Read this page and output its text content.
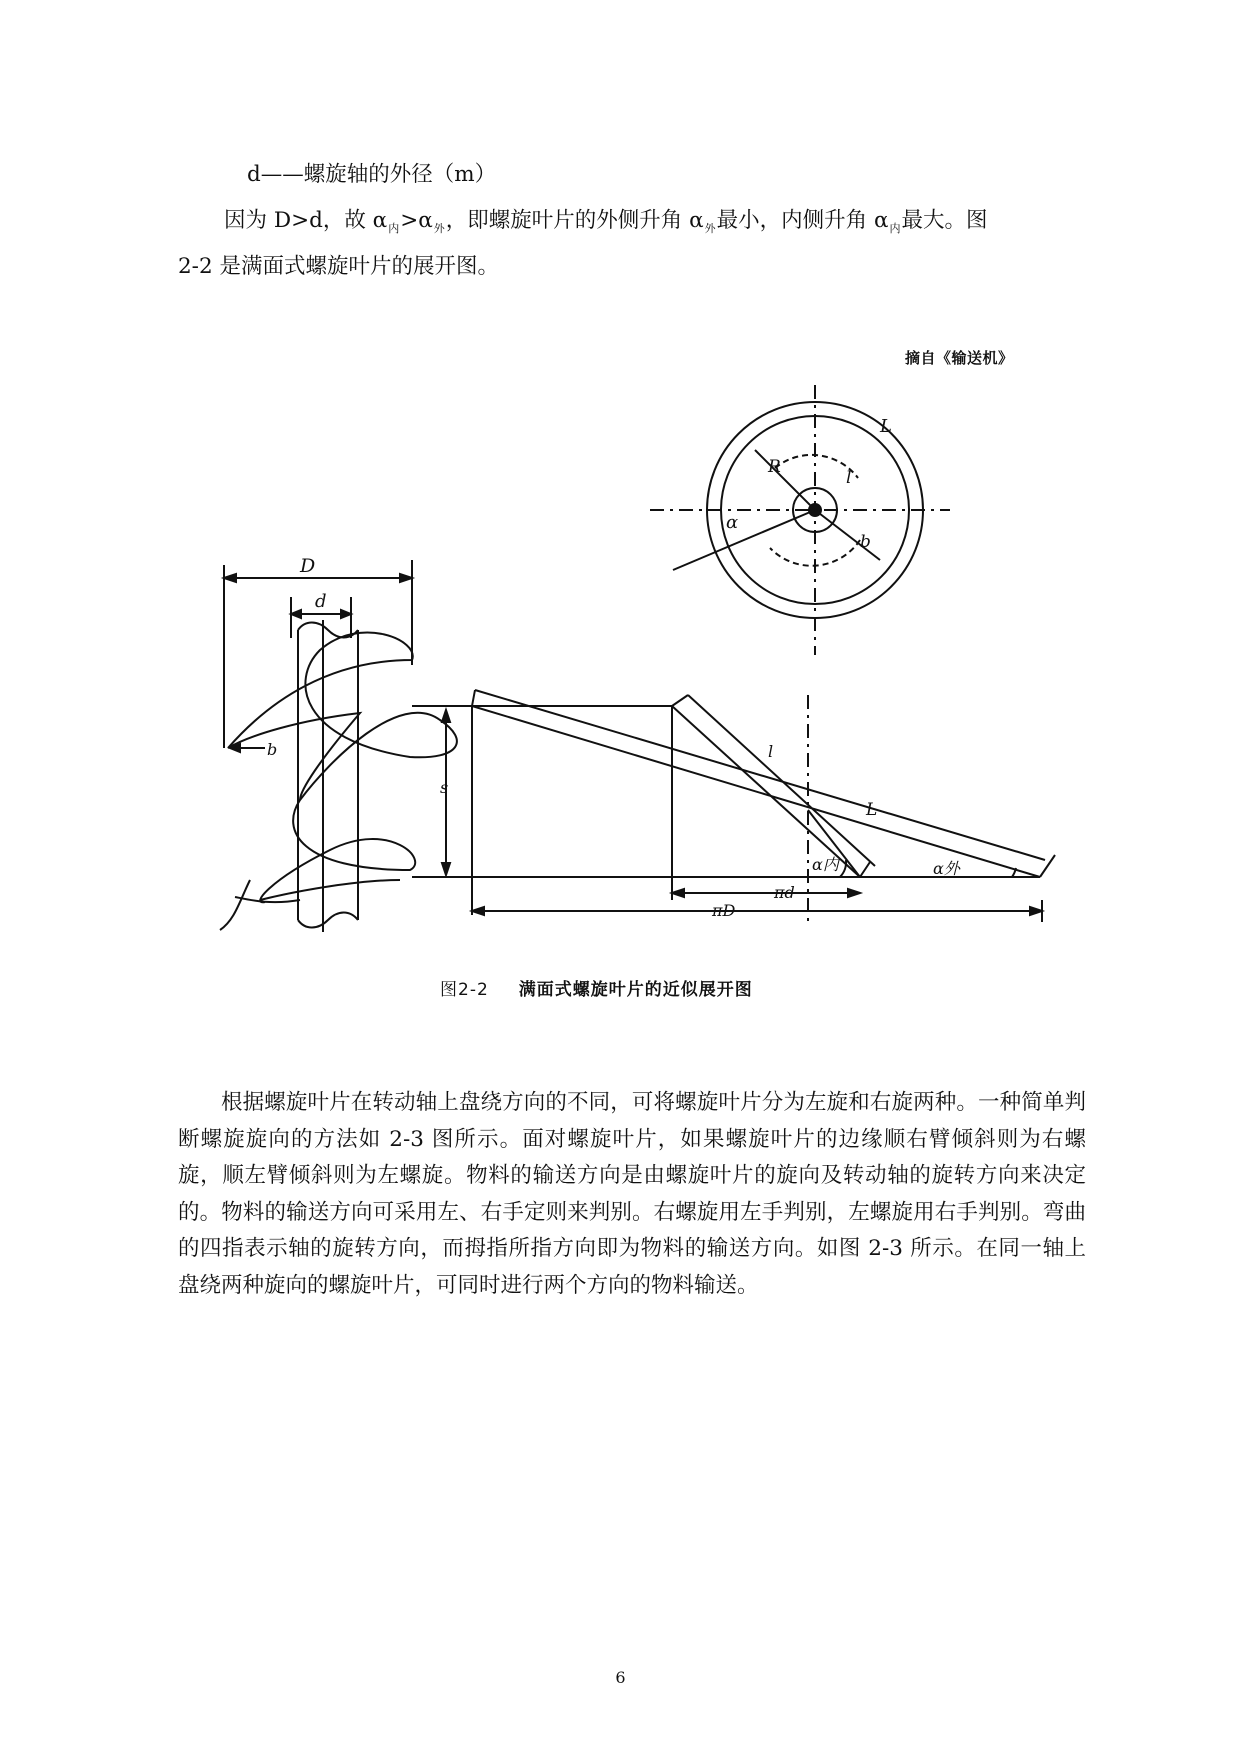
d——螺旋轴的外径（m）
因为 D>d，故 $\alpha_内>\alpha_外$，即螺旋叶片的外侧升角 $\alpha_外$最小，内侧升角 $\alpha_内$最大。图
2-2 是满面式螺旋叶片的展开图。
摘自《输送机》
L
R
l
α
b
D
d
b
s
α内	α外
l
L
πd
πD
图2-2 满面式螺旋叶片的近似展开图
根据螺旋叶片在转动轴上盘绕方向的不同，可将螺旋叶片分为左旋和右旋两种。一种简单判断螺旋旋向的方法如 2-3 图所示。面对螺旋叶片，如果螺旋叶片的边缘顺右臂倾斜则为右螺旋，顺左臂倾斜则为左螺旋。物料的输送方向是由螺旋叶片的旋向及转动轴的旋转方向来决定的。物料的输送方向可采用左、右手定则来判别。右螺旋用左手判别，左螺旋用右手判别。弯曲的四指表示轴的旋转方向，而拇指所指方向即为物料的输送方向。如图 2-3 所示。在同一轴上盘绕两种旋向的螺旋叶片，可同时进行两个方向的物料输送。
6
